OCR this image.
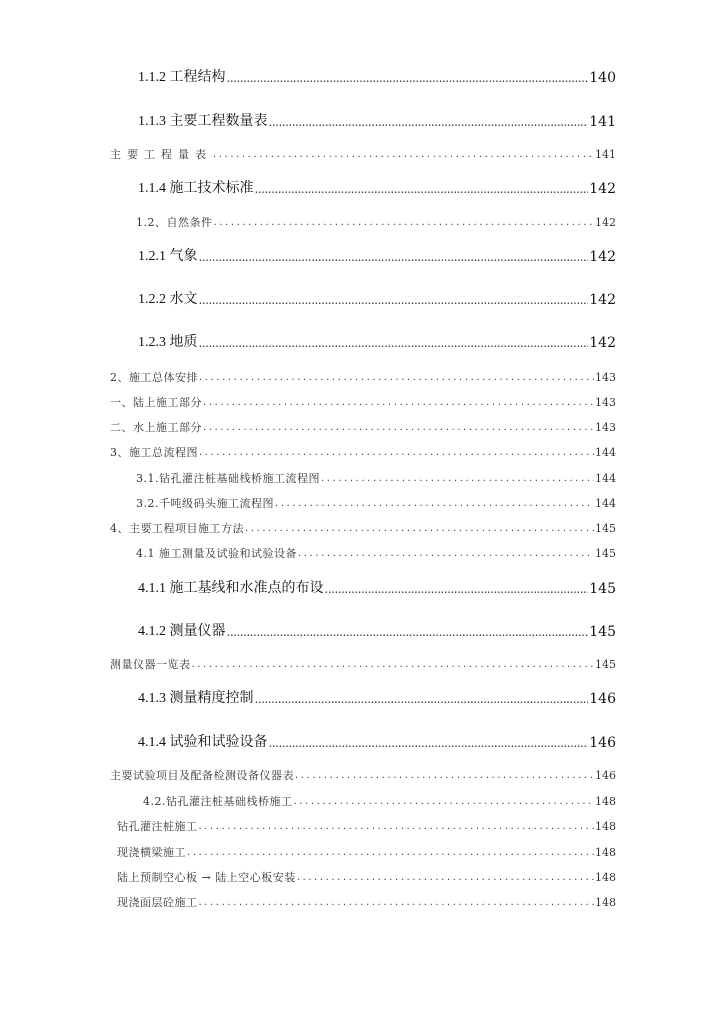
1.1.2 工程结构 .....	140
1.1.3 主要工程数量表 .....	141
主要工程量表 .....	141
1.1.4 施工技术标准 .....	142
1.2、自然条件 .....	142
1.2.1 气象 .....	142
1.2.2 水文 .....	142
1.2.3 地质 .....	142
2、施工总体安排 .....	143
一、陆上施工部分 .....	143
二、水上施工部分 .....	143
3、施工总流程图 .....	144
3.1.钻孔灌注桩基础栈桥施工流程图 .....	144
3.2.千吨级码头施工流程图 .....	144
4、主要工程项目施工方法 .....	145
4.1 施工测量及试验和试验设备 .....	145
4.1.1 施工基线和水准点的布设 .....	145
4.1.2 测量仪器 .....	145
测量仪器一览表 .....	145
4.1.3 测量精度控制 .....	146
4.1.4 试验和试验设备 .....	146
主要试验项目及配备检测设备仪器表 .....	146
4.2.钻孔灌注桩基础栈桥施工 .....	148
钻孔灌注桩施工 .....	148
现浇横梁施工 .....	148
陆上预制空心板 → 陆上空心板安装 .....	148
现浇面层砼施工 .....	148
